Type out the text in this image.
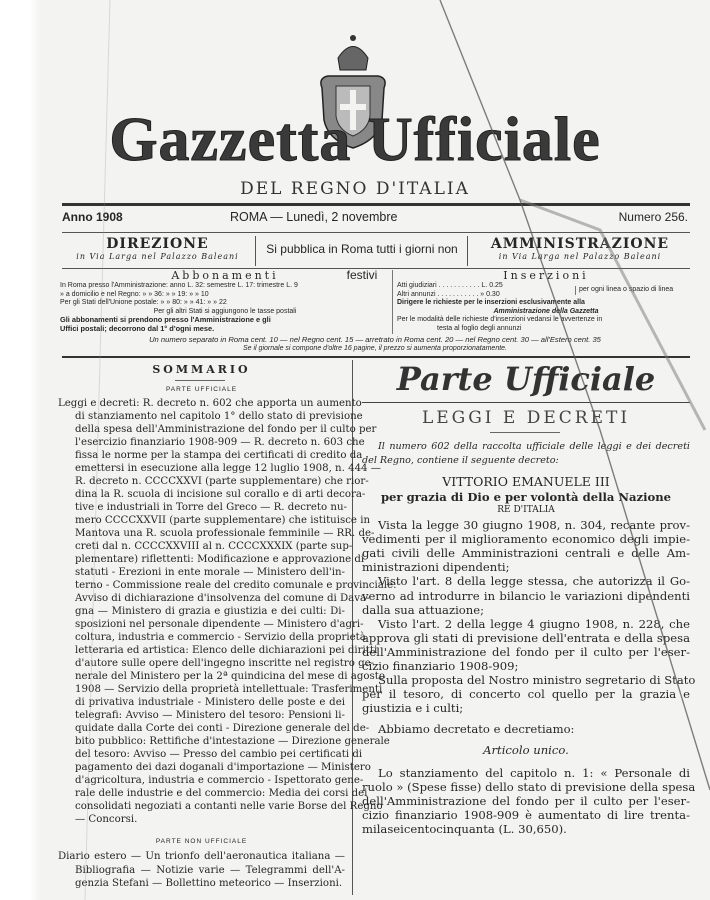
Gazzetta Ufficiale
DEL REGNO D'ITALIA
Anno 1908	ROMA — Lunedì, 2 novembre	Numero 256.
DIREZIONE
in Via Larga nel Palazzo Baleani
Si pubblica in Roma tutti i giorni non festivi
AMMINISTRAZIONE
in Via Larga nel Palazzo Baleani
Abbonamenti
In Roma presso l'Amministrazione: anno L. 32: semestre L. 17: trimestre L. 9
» a domicilio e nel Regno: » » 36: » » 19: » » 10
Per gli Stati dell'Unione postale: » » 80: » » 41: » » 22
Per gli altri Stati si aggiungono le tasse postali
Gli abbonamenti si prendono presso l'Amministrazione e gli
Uffici postali; decorrono dal 1° d'ogni mese.
Inserzioni
Atti giudiziari . . . . . . . . . . . L. 0.25
Altri annunzi . . . . . . . . . . . » 0.30
Dirigere le richieste per le inserzioni esclusivamente alla
Amministrazione della Gazzetta
Per le modalità delle richieste d'inserzioni vedansi le avvertenze in
testa al foglio degli annunzi
per ogni linea o spazio di linea
Un numero separato in Roma cent. 10 — nel Regno cent. 15 — arretrato in Roma cent. 20 — nel Regno cent. 30 — all'Estero cent. 35
Se il giornale si compone d'oltre 16 pagine, il prezzo si aumenta proporzionatamente.
SOMMARIO
PARTE UFFICIALE
Leggi e decreti: R. decreto n. 602 che apporta un aumento
di stanziamento nel capitolo 1° dello stato di previsione
della spesa dell'Amministrazione del fondo per il culto per
l'esercizio finanziario 1908-909 — R. decreto n. 603 che
fissa le norme per la stampa dei certificati di credito da
emettersi in esecuzione alla legge 12 luglio 1908, n. 444 —
R. decreto n. CCCCXXVI (parte supplementare) che rior-
dina la R. scuola di incisione sul corallo e di arti decora-
tive e industriali in Torre del Greco — R. decreto nu-
mero CCCCXXVII (parte supplementare) che istituisce in
Mantova una R. scuola professionale femminile — RR. de-
creti dal n. CCCCXXVIII al n. CCCCXXXIX (parte sup-
plementare) riflettenti: Modificazione e approvazione di
statuti - Erezioni in ente morale — Ministero dell'in-
terno - Commissione reale del credito comunale e provinciale:
Avviso di dichiarazione d'insolvenza del comune di Dava-
gna — Ministero di grazia e giustizia e dei culti: Di-
sposizioni nel personale dipendente — Ministero d'agri-
coltura, industria e commercio - Servizio della proprietà
letteraria ed artistica: Elenco delle dichiarazioni pei diritti
d'autore sulle opere dell'ingegno inscritte nel registro ge-
nerale del Ministero per la 2ª quindicina del mese di agosto
1908 — Servizio della proprietà intellettuale: Trasferimenti
di privativa industriale - Ministero delle poste e dei
telegrafi: Avviso — Ministero del tesoro: Pensioni li-
quidate dalla Corte dei conti - Direzione generale del de-
bito pubblico: Rettifiche d'intestazione — Direzione generale
del tesoro: Avviso — Presso del cambio pei certificati di
pagamento dei dazi doganali d'importazione — Ministero
d'agricoltura, industria e commercio - Ispettorato gene-
rale delle industrie e del commercio: Media dei corsi dei
consolidati negoziati a contanti nelle varie Borse del Regno
— Concorsi.
Diario estero — Un trionfo dell'aeronautica italiana —
Bibliografia — Notizie varie — Telegrammi dell'A-
genzia Stefani — Bollettino meteorico — Inserzioni.
PARTE NON UFFICIALE
Parte Ufficiale
LEGGI E DECRETI
Il numero 602 della raccolta ufficiale delle leggi e dei decreti
del Regno, contiene il seguente decreto:
VITTORIO EMANUELE III
per grazia di Dio e per volontà della Nazione
RE D'ITALIA
Vista la legge 30 giugno 1908, n. 304, recante prov-
vedimenti per il miglioramento economico degli impie-
gati civili delle Amministrazioni centrali e delle Am-
ministrazioni dipendenti;
Visto l'art. 8 della legge stessa, che autorizza il Go-
verno ad introdurre in bilancio le variazioni dipendenti
dalla sua attuazione;
Visto l'art. 2 della legge 4 giugno 1908, n. 228, che
approva gli stati di previsione dell'entrata e della spesa
dell'Amministrazione del fondo per il culto per l'eser-
cizio finanziario 1908-909;
Sulla proposta del Nostro ministro segretario di Stato
per il tesoro, di concerto col quello per la grazia e
giustizia e i culti;
Abbiamo decretato e decretiamo:
Articolo unico.
Lo stanziamento del capitolo n. 1: « Personale di
ruolo » (Spese fisse) dello stato di previsione della spesa
dell'Amministrazione del fondo per il culto per l'eser-
cizio finanziario 1908-909 è aumentato di lire trenta-
milaseicentocinquanta (L. 30,650).
